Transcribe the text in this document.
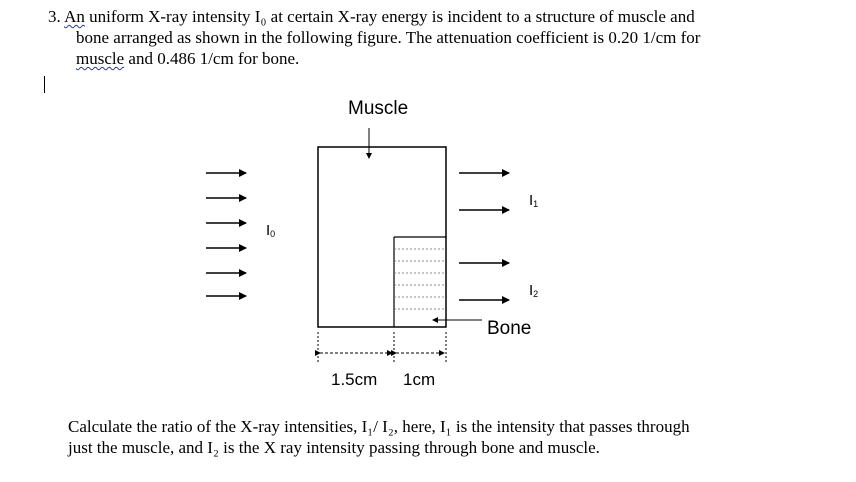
3. An uniform X-ray intensity I₀ at certain X-ray energy is incident to a structure of muscle and
bone arranged as shown in the following figure. The attenuation coefficient is 0.20 1/cm for
muscle and 0.486 1/cm for bone.
Muscle
Bone
$I_0$
$I_1$
$I_2$
1.5cm 1cm
Calculate the ratio of the X-ray intensities, I₁/ I₂, here, I₁ is the intensity that passes through
just the muscle, and I₂ is the X ray intensity passing through bone and muscle.
